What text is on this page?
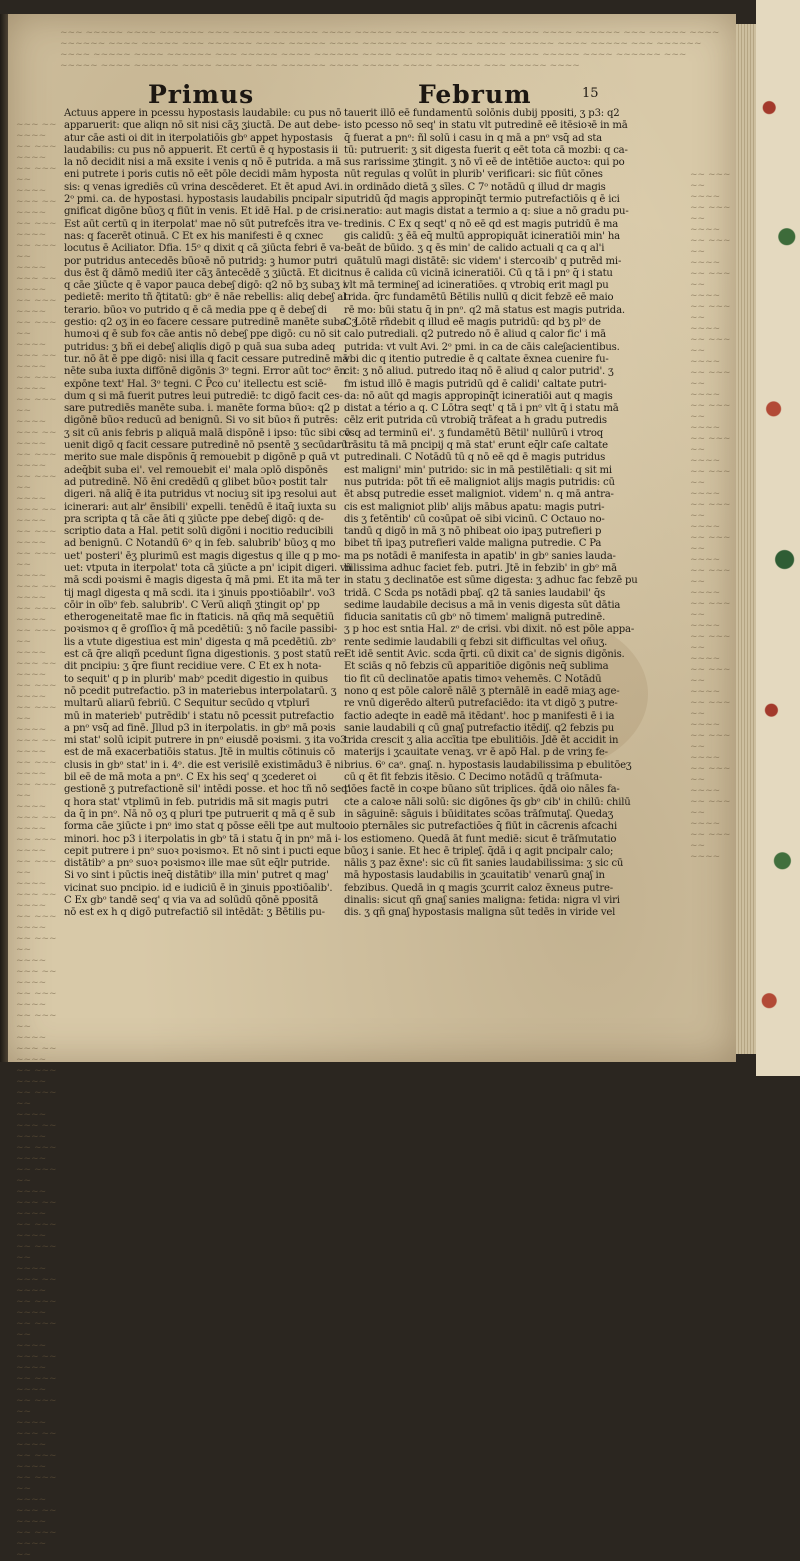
~~~ ~~~~~ ~~~~ ~~~~~~ ~~~ ~~~~~ ~~~~~~ ~~~~ ~~~~~ ~~~ ~~~~~~ ~~~~ ~~~~~ ~~~~ ~~~~~~ ~~~ ~~~~~ ~~~~ ~~~~~~ ~~~~ ~~~~~ ~~~ ~~~~~~ ~~~~ ~~~~~ ~~~~ ~~~~~~ ~~~ ~~~~~ ~~~~ ~~~~~~ ~~~~ ~~~~~ ~~~ ~~~~~~ ~~~~ ~~~~~ ~~~~ ~~~~~~ ~~~ ~~~~~ ~~~~ ~~~~~~ ~~~~ ~~~~~ ~~~ ~~~~~~ ~~~~ ~~~~~ ~~~~ ~~~~~~ ~~~ ~~~~~ ~~~~ ~~~~~~ ~~~~ ~~~~~ ~~~ ~~~~~~ ~~~~ ~~~~~ ~~~~ ~~~~~~ ~~~ ~~~~~ ~~~~
~~~ ~~ ~~~~ ~~ ~~~ ~~~~ ~~ ~~~ ~~ ~~~~ ~~~ ~~ ~~~~ ~~ ~~~ ~~~~ ~~ ~~~ ~~ ~~~~ ~~~ ~~ ~~~~ ~~ ~~~ ~~~~ ~~ ~~~ ~~ ~~~~ ~~~ ~~ ~~~~ ~~ ~~~ ~~~~ ~~ ~~~ ~~ ~~~~ ~~~ ~~ ~~~~ ~~ ~~~ ~~~~ ~~ ~~~ ~~ ~~~~ ~~~ ~~ ~~~~ ~~ ~~~ ~~~~ ~~ ~~~ ~~ ~~~~ ~~~ ~~ ~~~~ ~~ ~~~ ~~~~ ~~ ~~~ ~~ ~~~~ ~~~ ~~ ~~~~ ~~ ~~~ ~~~~ ~~ ~~~ ~~ ~~~~ ~~~ ~~ ~~~~ ~~ ~~~ ~~~~ ~~ ~~~ ~~ ~~~~ ~~~ ~~ ~~~~ ~~ ~~~ ~~~~ ~~ ~~~ ~~ ~~~~ ~~~ ~~ ~~~~ ~~ ~~~ ~~~~ ~~ ~~~ ~~ ~~~~ ~~~ ~~ ~~~~ ~~ ~~~ ~~~~ ~~ ~~~ ~~ ~~~~ ~~~ ~~ ~~~~ ~~ ~~~ ~~~~ ~~ ~~~ ~~ ~~~~ ~~~ ~~ ~~~~ ~~ ~~~ ~~~~ ~~ ~~~ ~~ ~~~~ ~~~ ~~ ~~~~ ~~ ~~~ ~~~~ ~~ ~~~ ~~ ~~~~ ~~~ ~~ ~~~~ ~~ ~~~ ~~~~ ~~ ~~~ ~~ ~~~~ ~~~ ~~ ~~~~ ~~ ~~~ ~~~~ ~~ ~~~ ~~ ~~~~ ~~~ ~~ ~~~~ ~~ ~~~ ~~~~ ~~ ~~~ ~~ ~~~~ ~~~ ~~ ~~~~ ~~ ~~~ ~~~~ ~~
~~ ~~~ ~~ ~~~~ ~~ ~~~ ~~ ~~~~ ~~ ~~~ ~~ ~~~~ ~~ ~~~ ~~ ~~~~ ~~ ~~~ ~~ ~~~~ ~~ ~~~ ~~ ~~~~ ~~ ~~~ ~~ ~~~~ ~~ ~~~ ~~ ~~~~ ~~ ~~~ ~~ ~~~~ ~~ ~~~ ~~ ~~~~ ~~ ~~~ ~~ ~~~~ ~~ ~~~ ~~ ~~~~ ~~ ~~~ ~~ ~~~~ ~~ ~~~ ~~ ~~~~ ~~ ~~~ ~~ ~~~~ ~~ ~~~ ~~ ~~~~ ~~ ~~~ ~~ ~~~~ ~~ ~~~ ~~ ~~~~ ~~ ~~~ ~~ ~~~~ ~~ ~~~ ~~ ~~~~ ~~ ~~~ ~~ ~~~~
Primus	Februm	15
Actuus appere in pcessu hypostasis laudabile: cu pus nō
apparuerit: que aliqn nō sit nisi cāʒ ʒiuctā. De aut debe-
atur cāe asti oi dit in iterpolatiōis gbᵒ appet hypostasis
laudabilis: cu pus nō appuerit. Et certū ē q hypostasis ii
la nō decidit nisi a mā exsite i venis q nō ē putrida. a mā
eni putrete i poris cutis nō eēt pōle decidi mām hyposta
sis: q venas igrediēs cū vrina descēderet. Et ēt apud Avi.
2ᵒ pmi. ca. de hypostasi. hypostasis laudabilis pncipalr si
gnificat digōne būoʒ q fiūt in venis. Et idē Hal. p de crisi.
Est aūt certū q in iterpolat' mae nō sūt putrefcēs itra ve-
nas: q facerēt otinuā. C Et ex his manifesti ē q cxnec
locutus ē Aciliator. Dfia. 15ᵒ q dixit q cā ʒiūcta febri ē va-
por putridus antecedēs būoꝛē nō putridꝫ: ꝫ humor putri
dus ēst q̃ dāmō mediū iter cāʒ āntecēdē ʒ ʒiūctā. Et dicit
q cāe ʒiūcte q ē vapor pauca debeʃ digō: q2 nō bʒ subaʒ i
pedietē: merito tñ q̃titatū: gbᵒ ē nāe rebellis: aliq debeʃ al
terario. būoꝛ vo putrido q ē cā media ppe q ē debeʃ di
gestio: q2 oʒ in eo facere cessare putredinē manēte suba. ʒ
humoꝛi q ē sub foꝛ cāe antis nō debeʃ ppe digō: cu nō sit
putridus: ʒ bñ ei debeʃ aliqlis digō p quā sua suba adeq
tur. nō āt ē ppe digō: nisi illa q facit cessare putredinē mā
nēte suba iuxta diffōnē digōnis 3ᵒ tegni. Error aūt tocᵒ ēn
expōne text' Hal. 3ᵒ tegni. C P̄co cu' itellectu est sciē-
dum q si mā fuerit putres leui putrediē: tc digō facit ces-
sare putrediēs manēte suba. i. manēte forma būoꝛ: q2 p
digōnē būoꝛ reducū ad benignū. Si vo sit būoꝛ ñ putrēs:
ʒ sit cū anis febris p aliquā malā dispōnē i ipso: tūc sibi cō
uenit digō q facit cessare putredinē nō psentē ʒ secūdarū
merito sue male dispōnis q̄ remouebit p digōnē p quā vt
adeq̄bit suba ei'. vel remouebit ei' mala ɔplō dispōnēs
ad putredinē. Nō ēni credēdū q glibet būoꝛ postit talr
digeri. nā aliq̄ ē ita putridus vt nociuꝫ sit ipꝫ resolui aut
icinerari: aut alr' ēnsibili' expelli. tenēdū ē itaq̄ iuxta su
pra scripta q tā cāe āti q ʒiūcte ppe debeʃ digō: q de-
scriptio data a Hal. petit solū digōni i nocitio reducibili
ad benignū. C Notandū 6ᵒ q in feb. salubrib' būoʒ q mo
uet' posteri' ēʒ plurimū est magis digestus q ille q p mo-
uet: vtputa in iterpolat' tota cā ʒiūcte a pn' icipit digeri. vñ
mā scdi poꝛismi ē magis digesta q̄ mā pmi. Et ita mā ter
tij magl digesta q mā scdi. ita i ʒinuis ppoꝛtiōabilr'. vo3
cōir in oībᵒ feb. salubrib'. C Verū aliqñ ʒtingit op' pp
etherogeneitatē mae fic in ftaticis. nā qñq mā sequētiū
poꝛismoꝛ q ē groſſioꝛ q̄ mā pcedētiū: ʒ nō facile passibi-
lis a vtute digestiua est min' digesta q mā pcedētiū. zbᵒ
est cā q̄re aliqñ pcedunt ſigna digestionis. ʒ post statū re-
dit pncipiu: ʒ q̄re fiunt recidiue vere. C Et ex h nota-
to sequit' q p in plurib' mabᵒ pcedit digestio in quibus
nō pcedit putrefactio. p3 in materiebus interpolatarū. ʒ
multarū aliarū febriū. C Sequitur secūdo q vtplurī
mū in materieb' putrēdib' i statu nō pcessit putrefactio
a pnᵒ vsq̄ ad finē. Jllud p3 in iterpolatis. in gbᵒ mā poꝛis
mi stat' solū icipit putrere in pnᵒ eiusdē poꝛismi. ʒ ita vo3
est de mā exacerbatiōis status. Jtē in multis cōtinuis cō
clusis in gbᵒ stat' in i. 4ᵒ. die est verisilē existimādu3 ē ni
bil eē de mā mota a pnᵒ. C Ex his seq' q ʒcederet oi
gestionē ʒ putrefactionē sil' intēdi posse. et hoc tñ nō seq'
q hora stat' vtplimū in feb. putridis mā sit magis putri
da q̄ in pnᵒ. Nā nō oʒ q pluri tpe putruerit q mā q ē sub
forma cāe ʒiūcte i pnᵒ imo stat q pōsse eēli tpe aut multo
minori. hoc p3 i iterpolatis in gbᵒ tā i statu q̄ in pnᵒ mā i-
cepit putrere i pnᵒ suoꝛ poꝛismoꝛ. Et nō sint i pucti eque
distātibᵒ a pnᵒ suoꝛ poꝛismoꝛ ille mae sūt eq̄lr putride.
Si vo sint i pūctis ineq̄ distātibᵒ illa min' putret q mag'
vicinat suo pncipio. id e iudiciū ē in ʒinuis ppoꝛtiōalib'.
C Ex gbᵒ tandē seq' q via va ad solūdū qōnē ppositā
nō est ex h q digō putrefactiō sil intēdāt: ʒ Bētilis pu-
tauerit illō eē fundamentū solōnis dubij ppositi, ʒ p3: q2
isto pcesso nō seq' in statu vlt putredinē eē itēsioꝛē in mā
q̄ fuerat a pnᵒ: ñl solū i casu in q mā a pnᵒ vsq̄ ad sta
tū: putruerit: ʒ sit digesta fuerit q eēt tota cā mozbi: q ca-
sus rarissime ʒtingit. ʒ nō vī eē de intētiōe auctoꝛ: qui po
nūt regulas q volūt in plurib' verificari: sic fiūt cōnes
in ordinādo dietā ʒ sīles. C 7ᵒ notādū q illud dr magis
putridū q̄d magis appropinq̄t termio putrefactiōis q ē ici
neratio: aut magis distat a termio a q: siue a nō gradu pu-
tredinis. C Ex q seqt' q nō eē qd est magis putridū ē ma
gis calidū: ʒ ēā eq̄ multū appropiquāt icineratiōi min' ha
beāt de būido. ʒ q ēs min' de calido actuali q ca q al'i
quātulū magi distātē: sic videm' i stercoꝛib' q putrēd mi-
nus ē calida cū vicinā icineratiōi. Cū q tā i pnᵒ q̄ i statu
vlt mā termineʃ ad icineratiōes. q vtrobiq erit magl pu
trida. q̄rc fundamētū Bētilis nullū q dicit febzē eē maio
rē mo: būi statu q̄ in pnᵒ. q2 mā status est magis putrida.
C Lōtē rñdebit q illud eē magis putridū: qd bʒ plᵒ de
calo putrediali. q2 putredo nō ē aliud q calor fic' i mā
putrida: vt vult Avi. 2ᵒ pmi. in ca de cāis caleʃacientibus.
vbi dic q itentio putredie ē q caltate ēxnea cuenire fu-
cit: ʒ nō aliud. putredo itaq nō ē aliud q calor putrid'. ʒ
fm istud illō ē magis putridū qd ē calidi' caltate putri-
da: nō aūt qd magis appropinq̄t icineratiōi aut q magis
distat a tério a q. C Lōtra seqt' q tā i pnᵒ vlt q̄ i statu mā
cēlz erit putrida cū vtrobiq̄ trāfeat a h gradu putredis
vsq ad terminū ei'. ʒ fundamētū Bētil' nullūrū i vtroq
trāsitu tā mā pncipij q mā stat' erunt eq̄lr caſe caltate
putredinali. C Notādū tū q nō eē qd ē magis putridus
est maligni' min' putrido: sic in mā pestilētiali: q sit mi
nus putrida: pōt tñ eē maligniot alijs magis putridis: cū
ēt absq putredie esset maligniot. videm' n. q mā antra-
cis est maligniot plib' alijs mābus apatu: magis putri-
dis ʒ fetēntib' cū coꝛūpat oē sibi vicinū. C Octauo no-
tandū q digō in mā ʒ nō phibeat oio ipaʒ putrefieri p
bibet tñ ipaʒ putrefieri valde maligna putredie. C Pa
ma ps notādi ē manifesta in apatib' in gbᵒ sanies lauda-
bilissima adhuc faciet feb. putri. Jtē in febzib' in gbᵒ mā
in statu ʒ declinatōe est sūme digesta: ʒ adhuc fac febzē pu
tridā. C Scda ps notādi pbaʃ. q2 tā sanies laudabil' q̄s
sedime laudabile decisus a mā in venis digesta sūt dātia
fiducia sanitatis cū gbᵒ nō timem' malignā putredinē.
ʒ p hoc est sntia Hal. zᵒ de crisi. vbi dixit. nō est pōle appa-
rente sedimie laudabili q febzi sit difficultas vel oñuʒ.
Et idē sentit Avic. scda q̄rti. cū dixit ca' de signis digōnis.
Et sciās q nō febzis cū apparitiōe digōnis neq̄ sublima
tio fit cū declinatōe apatis timoꝛ vehemēs. C Notādū
nono q est pōle calorē nālē ʒ pternālē in eadē miaʒ age-
re vnū digerēdo alterū putrefaciēdo: ita vt digō ʒ putre-
factio adeqte in eadē mā itēdant'. hoc p manifesti ē i ia
sanie laudabili q cū gnaʃ putrefactio itēdiʃ. q2 febzis pu
trida crescit ʒ alia accītia tpe ebulitiōis. Jdē ēt accidit in
materijs i ʒcauitate venaʒ. vr ē apō Hal. p de vrinʒ fe-
brius. 6ᵒ caᵒ. gnaʃ. n. hypostasis laudabilissima p ebulitōeʒ
cū q ēt fit febzis itēsio. C Decimo notādū q trāſmuta-
tiōes factē in coꝛpe būano sūt triplices. q̄dā oio nāles fa-
cte a caloꝛe nāli solū: sic digōnes q̄s gbᵒ cib' in chilū: chilū
in sāguinē: sāguis i būiditates scōas trāſmutaʃ. Quedaʒ
oio pternāles sic putrefactiōes q̄ fiūt in cācrenis afcachi
los estiomeno. Quedā āt funt mediē: sicut ē trāſmutatio
būoʒ i sanie. Et hec ē tripleʃ. q̄dā i q agit pncipalr calo;
nālis ʒ paz ēxne': sic cū fit sanies laudabilissima: ʒ sic cū
mā hypostasis laudabilis in ʒcauitatib' venarū gnaʃ in
febzibus. Quedā in q magis ʒcurrit caloz ēxneus putre-
dinalis: sicut qñ gnaʃ sanies maligna: fetida: nigra vl viri
dis. ʒ qñ gnaʃ hypostasis maligna sūt tedēs in viride vel
